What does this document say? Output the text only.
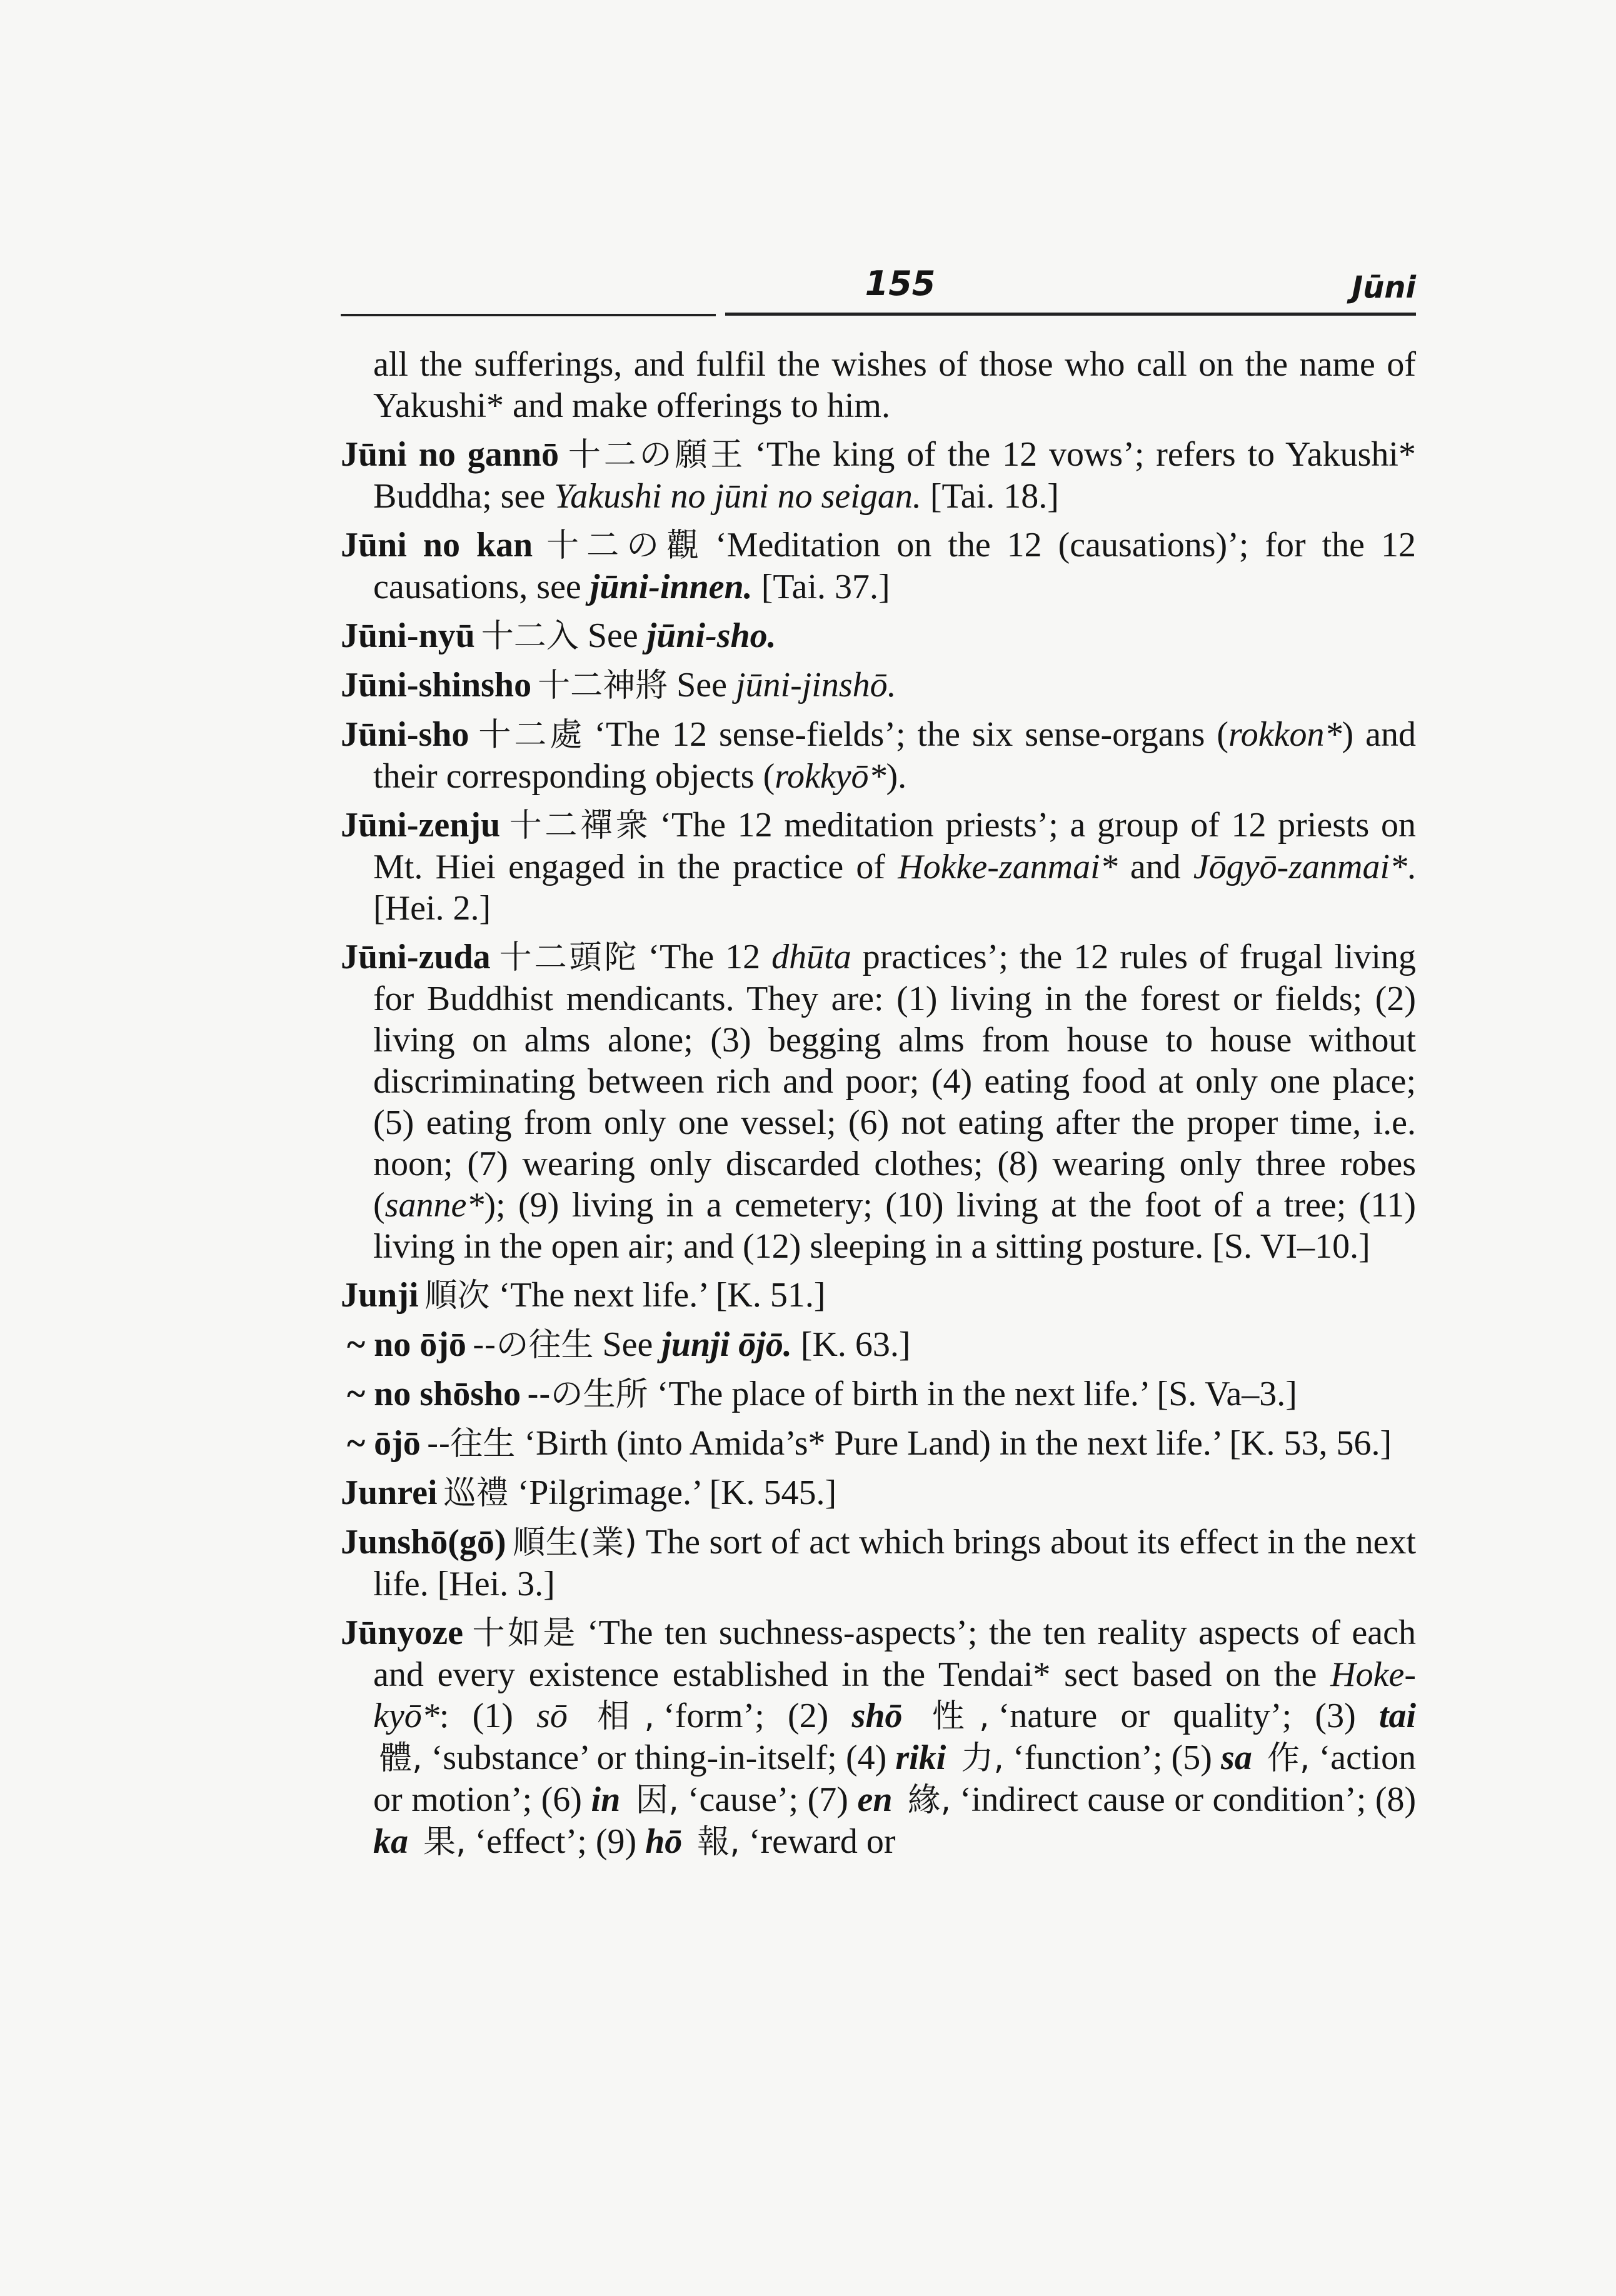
155	Jūni

all the sufferings, and fulfil the wishes of those who call on the name of Yakushi* and make offerings to him.

Jūni no gannō 十二の願王 ‘The king of the 12 vows’; refers to Yakushi* Buddha; see Yakushi no jūni no seigan. [Tai. 18.]

Jūni no kan 十二の觀 ‘Meditation on the 12 (causations)’; for the 12 causations, see jūni-innen. [Tai. 37.]

Jūni-nyū 十二入 See jūni-sho.

Jūni-shinsho 十二神將 See jūni-jinshō.

Jūni-sho 十二處 ‘The 12 sense-fields’; the six sense-organs (rokkon*) and their corresponding objects (rokkyō*).

Jūni-zenju 十二禪衆 ‘The 12 meditation priests’; a group of 12 priests on Mt. Hiei engaged in the practice of Hokke-zanmai* and Jōgyō-zanmai*. [Hei. 2.]

Jūni-zuda 十二頭陀 ‘The 12 dhūta practices’; the 12 rules of frugal living for Buddhist mendicants. They are: (1) living in the forest or fields; (2) living on alms alone; (3) begging alms from house to house without discriminating between rich and poor; (4) eating food at only one place; (5) eating from only one vessel; (6) not eating after the proper time, i.e. noon; (7) wearing only discarded clothes; (8) wearing only three robes (sanne*); (9) living in a cemetery; (10) living at the foot of a tree; (11) living in the open air; and (12) sleeping in a sitting posture. [S. VI–10.]

Junji 順次 ‘The next life.’ [K. 51.]

~ no ōjō --の往生 See junji ōjō. [K. 63.]

~ no shōsho --の生所 ‘The place of birth in the next life.’ [S. Va–3.]

~ ōjō --往生 ‘Birth (into Amida’s* Pure Land) in the next life.’ [K. 53, 56.]

Junrei 巡禮 ‘Pilgrimage.’ [K. 545.]

Junshō(gō) 順生(業) The sort of act which brings about its effect in the next life. [Hei. 3.]

Jūnyoze 十如是 ‘The ten suchness-aspects’; the ten reality aspects of each and every existence established in the Tendai* sect based on the Hoke-kyō*: (1) sō 相, ‘form’; (2) shō 性, ‘nature or quality’; (3) tai 體, ‘substance’ or thing-in-itself; (4) riki 力, ‘function’; (5) sa 作, ‘action or motion’; (6) in 因, ‘cause’; (7) en 緣, ‘indirect cause or condition’; (8) ka 果, ‘effect’; (9) hō 報, ‘reward or
